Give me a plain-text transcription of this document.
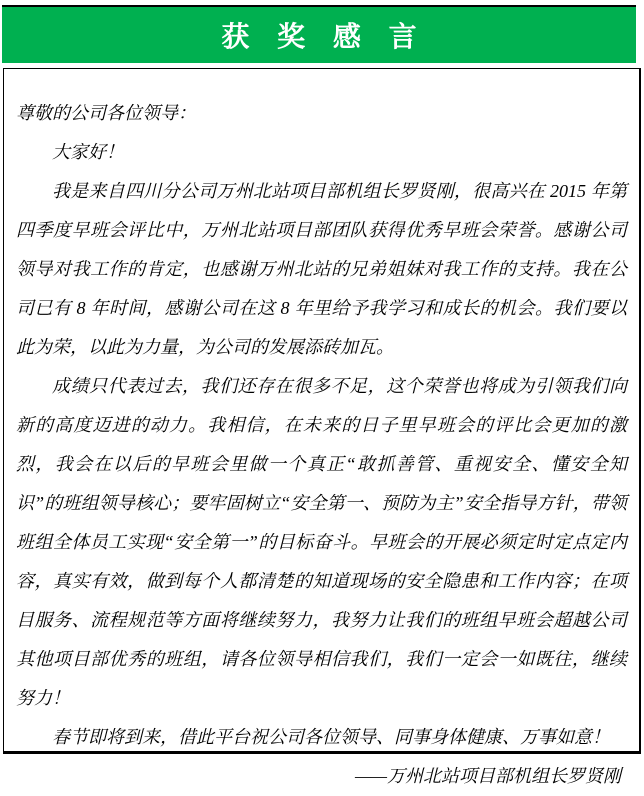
获 奖 感 言

尊敬的公司各位领导：

大家好！

我是来自四川分公司万州北站项目部机组长罗贤刚，很高兴在 2015 年第四季度早班会评比中，万州北站项目部团队获得优秀早班会荣誉。感谢公司领导对我工作的肯定，也感谢万州北站的兄弟姐妹对我工作的支持。我在公司已有 8 年时间，感谢公司在这 8 年里给予我学习和成长的机会。我们要以此为荣，以此为力量，为公司的发展添砖加瓦。

成绩只代表过去，我们还存在很多不足，这个荣誉也将成为引领我们向新的高度迈进的动力。我相信，在未来的日子里早班会的评比会更加的激烈，我会在以后的早班会里做一个真正“敢抓善管、重视安全、懂安全知识”的班组领导核心；要牢固树立“安全第一、预防为主”安全指导方针，带领班组全体员工实现“安全第一”的目标奋斗。早班会的开展必须定时定点定内容，真实有效，做到每个人都清楚的知道现场的安全隐患和工作内容；在项目服务、流程规范等方面将继续努力，我努力让我们的班组早班会超越公司其他项目部优秀的班组，请各位领导相信我们，我们一定会一如既往，继续努力！

春节即将到来，借此平台祝公司各位领导、同事身体健康、万事如意！

——万州北站项目部机组长罗贤刚
